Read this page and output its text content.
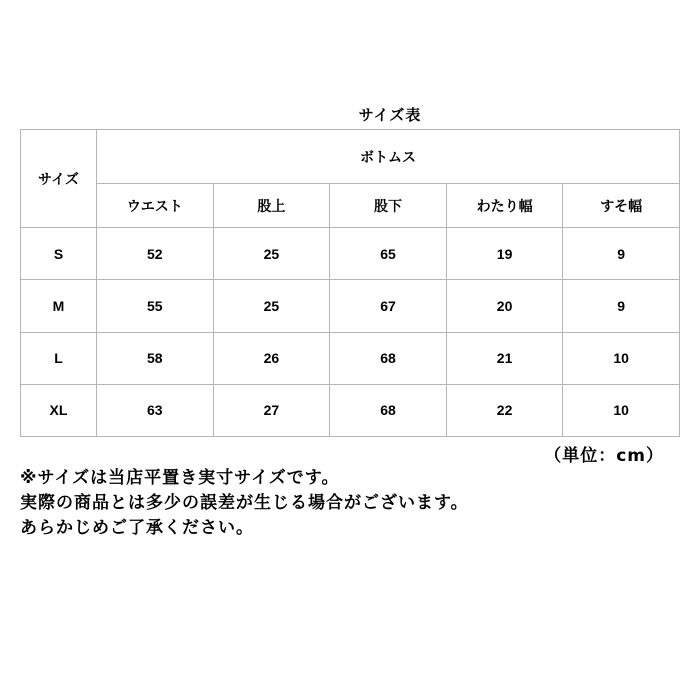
サイズ表
サイズ	ボトムス				
	ウエスト	股上	股下	わたり幅	すそ幅
S	52	25	65	19	9
M	55	25	67	20	9
L	58	26	68	21	10
XL	63	27	68	22	10
（単位：cm）
※サイズは当店平置き実寸サイズです。
実際の商品とは多少の誤差が生じる場合がございます。
あらかじめご了承ください。
